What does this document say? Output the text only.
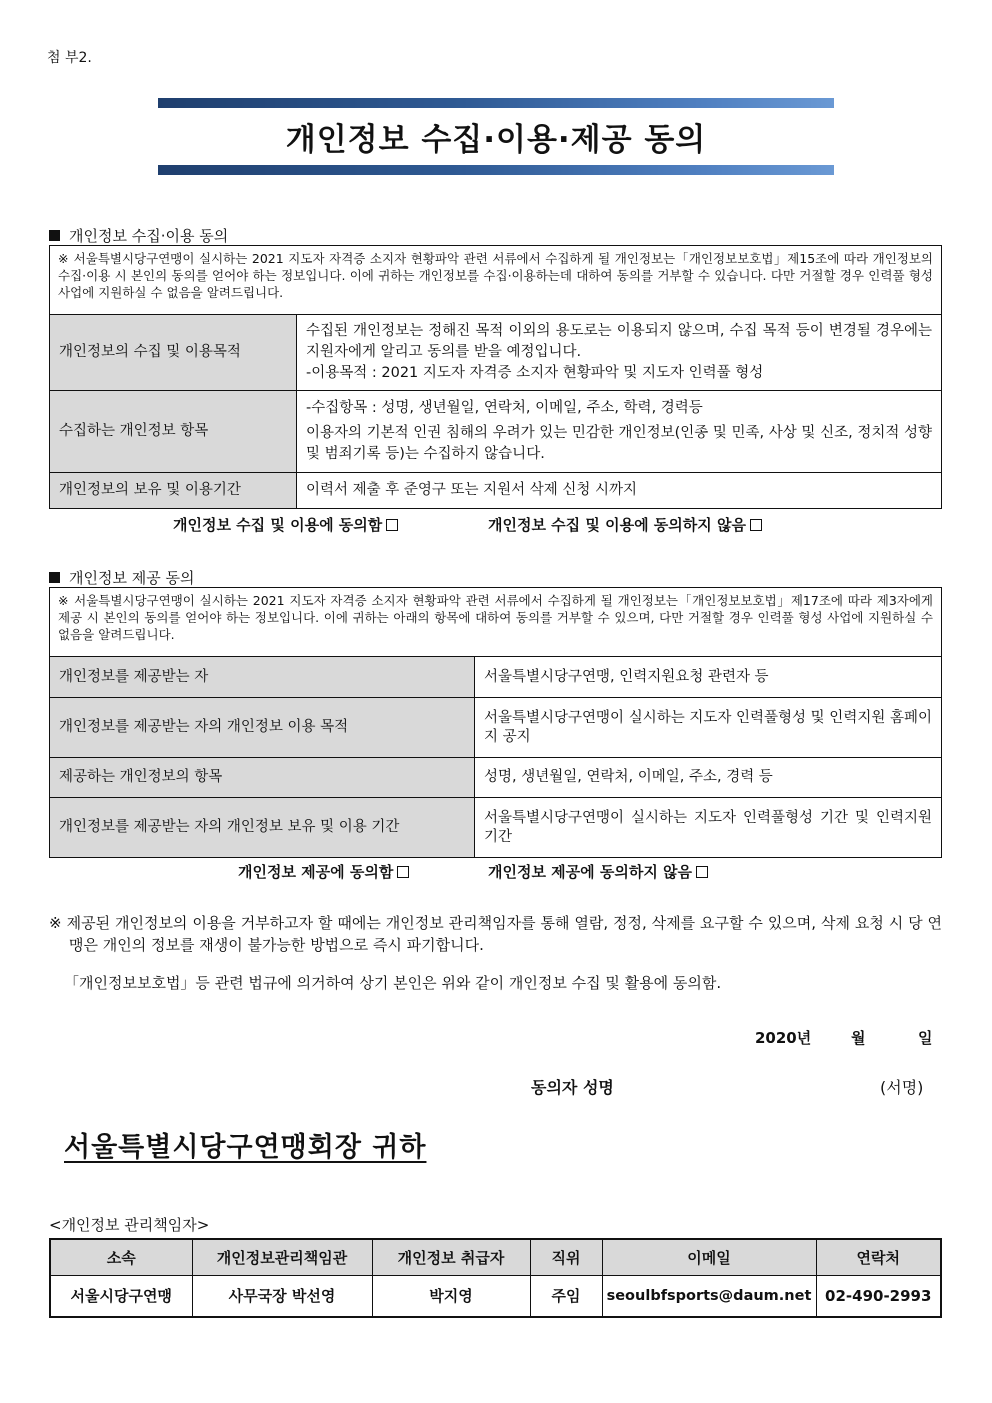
첨 부2.
개인정보 수집·이용·제공 동의
개인정보 수집·이용 동의
※ 서울특별시당구연맹이 실시하는 2021 지도자 자격증 소지자 현황파악 관련 서류에서 수집하게 될 개인정보는「개인정보보호법」제15조에 따라 개인정보의 수집·이용 시 본인의 동의를 얻어야 하는 정보입니다. 이에 귀하는 개인정보를 수집·이용하는데 대하여 동의를 거부할 수 있습니다. 다만 거절할 경우 인력풀 형성 사업에 지원하실 수 없음을 알려드립니다.
개인정보의 수집 및 이용목적	수집된 개인정보는 정해진 목적 이외의 용도로는 이용되지 않으며, 수집 목적 등이 변경될 경우에는 지원자에게 알리고 동의를 받을 예정입니다.
-이용목적 : 2021 지도자 자격증 소지자 현황파악 및 지도자 인력풀 형성

수집하는 개인정보 항목	-수집항목 : 성명, 생년월일, 연락처, 이메일, 주소, 학력, 경력등
이용자의 기본적 인권 침해의 우려가 있는 민감한 개인정보(인종 및 민족, 사상 및 신조, 정치적 성향 및 범죄기록 등)는 수집하지 않습니다.

개인정보의 보유 및 이용기간	이력서 제출 후 준영구 또는 지원서 삭제 신청 시까지
개인정보 수집 및 이용에 동의함	개인정보 수집 및 이용에 동의하지 않음
개인정보 제공 동의
※ 서울특별시당구연맹이 실시하는 2021 지도자 자격증 소지자 현황파악 관련 서류에서 수집하게 될 개인정보는「개인정보보호법」제17조에 따라 제3자에게 제공 시 본인의 동의를 얻어야 하는 정보입니다. 이에 귀하는 아래의 항목에 대하여 동의를 거부할 수 있으며, 다만 거절할 경우 인력풀 형성 사업에 지원하실 수 없음을 알려드립니다.
개인정보를 제공받는 자	서울특별시당구연맹, 인력지원요청 관련자 등
개인정보를 제공받는 자의 개인정보 이용 목적	서울특별시당구연맹이 실시하는 지도자 인력풀형성 및 인력지원 홈페이지 공지
제공하는 개인정보의 항목	성명, 생년월일, 연락처, 이메일, 주소, 경력 등
개인정보를 제공받는 자의 개인정보 보유 및 이용 기간	서울특별시당구연맹이 실시하는 지도자 인력풀형성 기간 및 인력지원 기간
개인정보 제공에 동의함	개인정보 제공에 동의하지 않음
※ 제공된 개인정보의 이용을 거부하고자 할 때에는 개인정보 관리책임자를 통해 열람, 정정, 삭제를 요구할 수 있으며, 삭제 요청 시 당 연맹은 개인의 정보를 재생이 불가능한 방법으로 즉시 파기합니다.
「개인정보보호법」등 관련 법규에 의거하여 상기 본인은 위와 같이 개인정보 수집 및 활용에 동의함.
2020년	월	일
동의자 성명	(서명)
서울특별시당구연맹회장 귀하
<개인정보 관리책임자>
소속	개인정보관리책임관	개인정보 취급자	직위	이메일	연락처
서울시당구연맹	사무국장 박선영	박지영	주임	seoulbfsports@daum.net	02-490-2993
